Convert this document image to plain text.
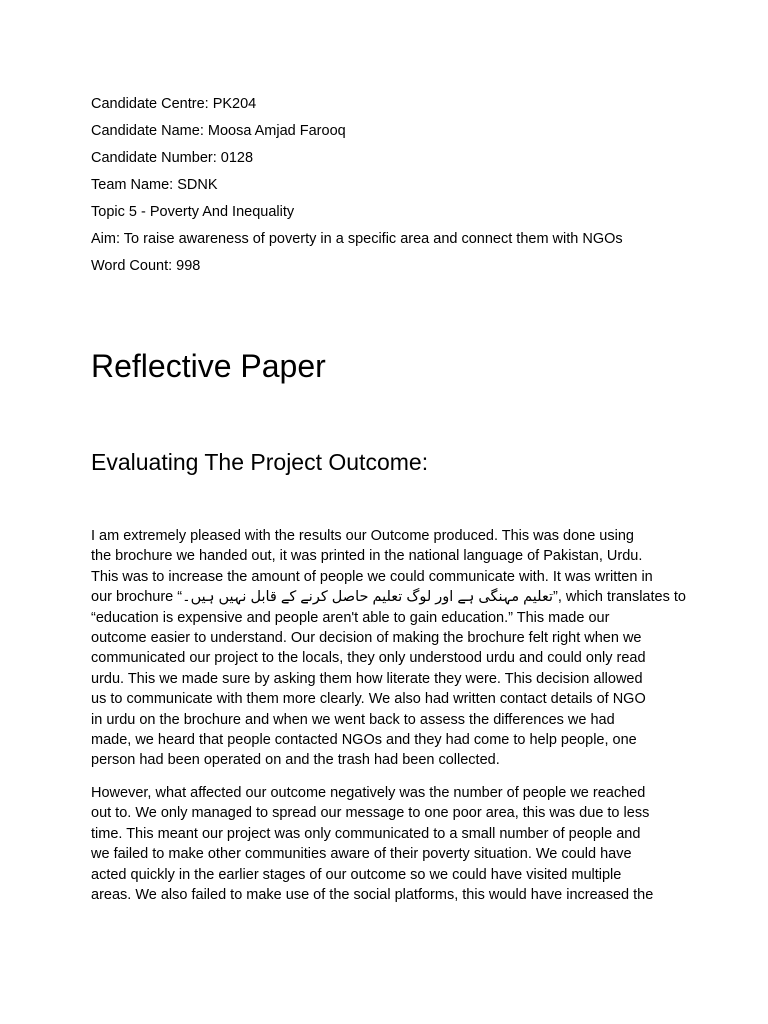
Candidate Centre: PK204
Candidate Name: Moosa Amjad Farooq
Candidate Number: 0128
Team Name: SDNK
Topic 5 - Poverty And Inequality
Aim: To raise awareness of poverty in a specific area and connect them with NGOs
Word Count: 998
Reflective Paper
Evaluating The Project Outcome:
I am extremely pleased with the results our Outcome produced. This was done using
the brochure we handed out, it was printed in the national language of Pakistan, Urdu.
This was to increase the amount of people we could communicate with. It was written in
our brochure “تعلیم مہنگی ہے اور لوگ تعلیم حاصل کرنے کے قابل نہیں ہیں۔”, which translates to
“education is expensive and people aren't able to gain education.” This made our
outcome easier to understand. Our decision of making the brochure felt right when we
communicated our project to the locals, they only understood urdu and could only read
urdu. This we made sure by asking them how literate they were. This decision allowed
us to communicate with them more clearly. We also had written contact details of NGO
in urdu on the brochure and when we went back to assess the differences we had
made, we heard that people contacted NGOs and they had come to help people, one
person had been operated on and the trash had been collected.
However, what affected our outcome negatively was the number of people we reached
out to. We only managed to spread our message to one poor area, this was due to less
time. This meant our project was only communicated to a small number of people and
we failed to make other communities aware of their poverty situation. We could have
acted quickly in the earlier stages of our outcome so we could have visited multiple
areas. We also failed to make use of the social platforms, this would have increased the
